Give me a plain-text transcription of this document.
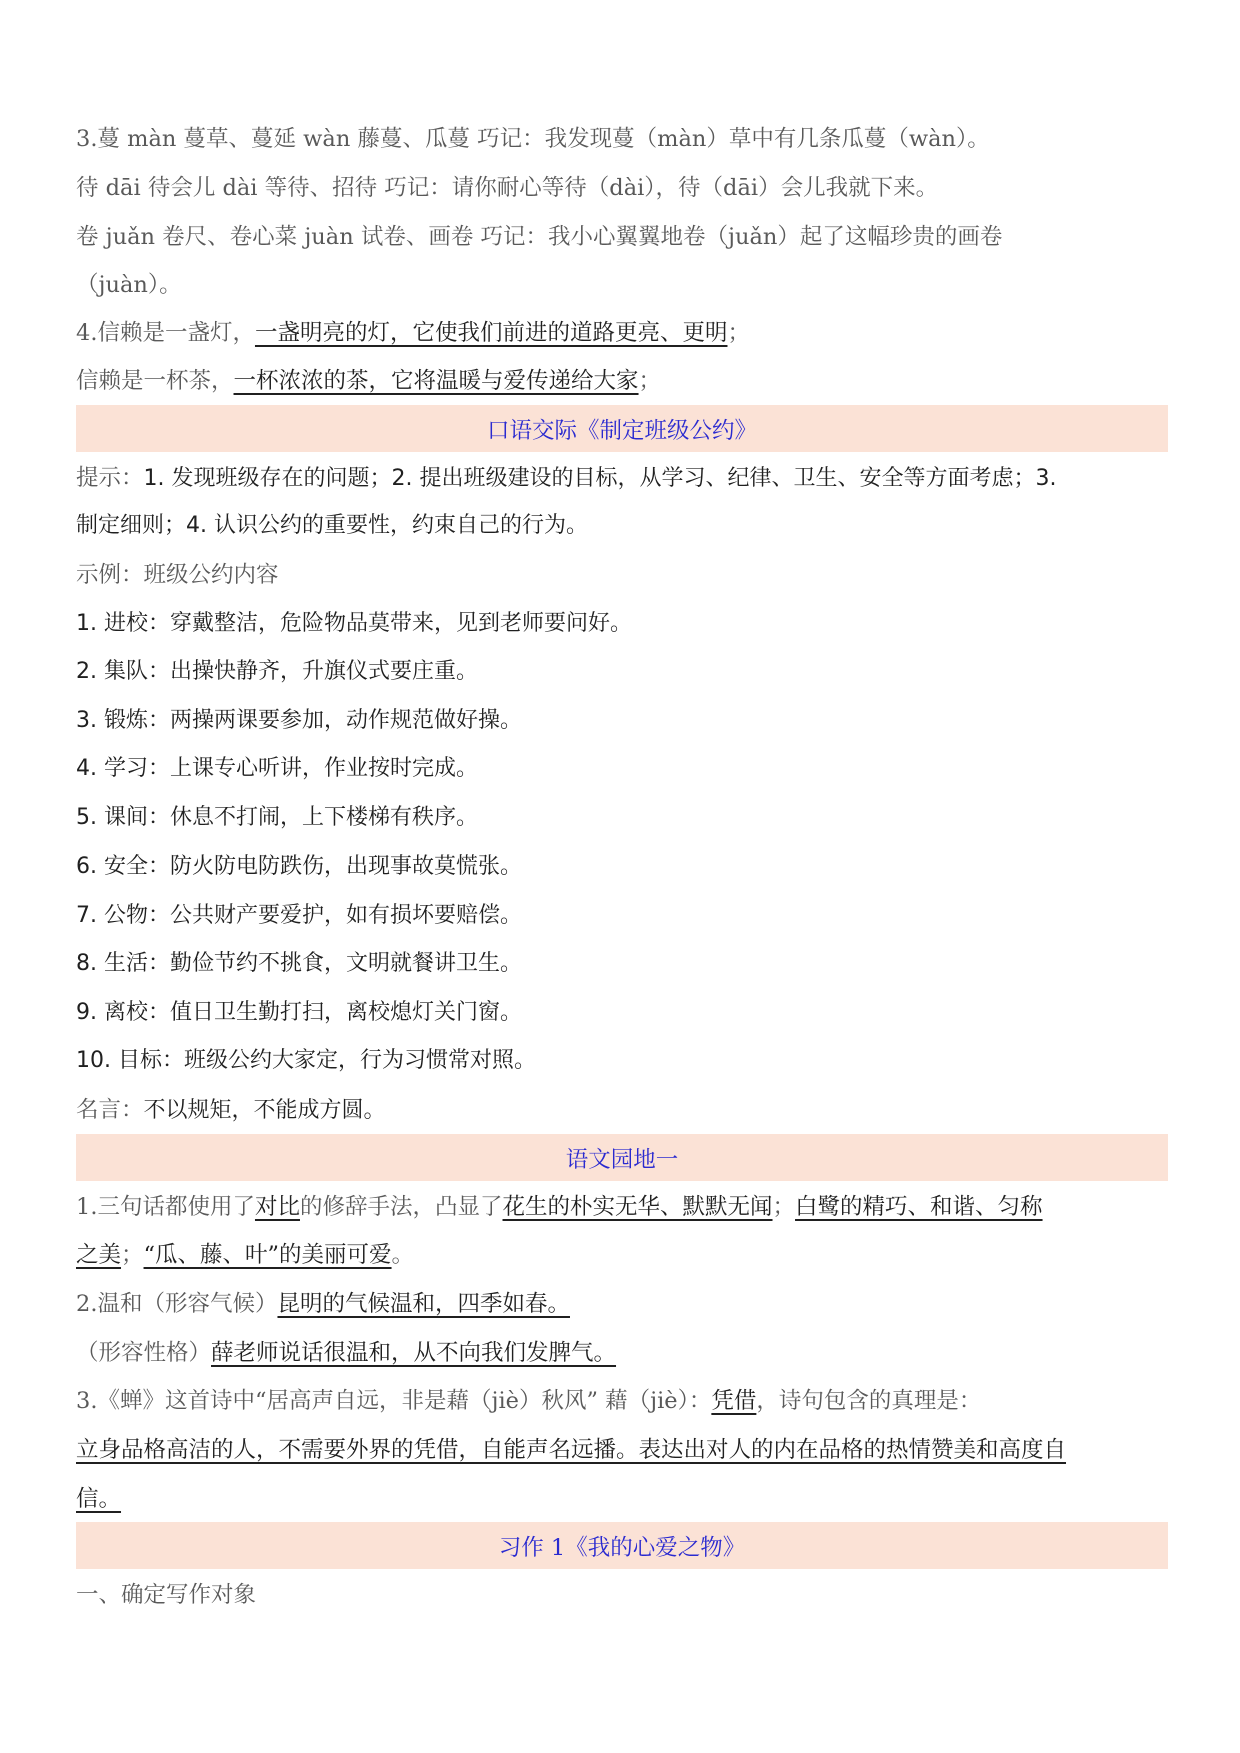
3.蔓 màn 蔓草、蔓延 wàn 藤蔓、瓜蔓 巧记：我发现蔓（màn）草中有几条瓜蔓（wàn）。

待 dāi 待会儿 dài 等待、招待 巧记：请你耐心等待（dài），待（dāi）会儿我就下来。

卷 juǎn 卷尺、卷心菜 juàn 试卷、画卷 巧记：我小心翼翼地卷（juǎn）起了这幅珍贵的画卷

（juàn）。

4.信赖是一盏灯，一盏明亮的灯，它使我们前进的道路更亮、更明；

信赖是一杯茶，一杯浓浓的茶，它将温暖与爱传递给大家；

口语交际《制定班级公约》

提示：1. 发现班级存在的问题；2. 提出班级建设的目标，从学习、纪律、卫生、安全等方面考虑；3.

制定细则；4. 认识公约的重要性，约束自己的行为。

示例：班级公约内容

1. 进校：穿戴整洁，危险物品莫带来，见到老师要问好。

2. 集队：出操快静齐，升旗仪式要庄重。

3. 锻炼：两操两课要参加，动作规范做好操。

4. 学习：上课专心听讲，作业按时完成。

5. 课间：休息不打闹，上下楼梯有秩序。

6. 安全：防火防电防跌伤，出现事故莫慌张。

7. 公物：公共财产要爱护，如有损坏要赔偿。

8. 生活：勤俭节约不挑食，文明就餐讲卫生。

9. 离校：值日卫生勤打扫，离校熄灯关门窗。

10. 目标：班级公约大家定，行为习惯常对照。

名言：不以规矩，不能成方圆。

语文园地一

1.三句话都使用了对比的修辞手法，凸显了花生的朴实无华、默默无闻；白鹭的精巧、和谐、匀称

之美；“瓜、藤、叶”的美丽可爱。

2.温和（形容气候）昆明的气候温和，四季如春。

（形容性格）薛老师说话很温和，从不向我们发脾气。

3.《蝉》这首诗中“居高声自远，非是藉（jiè）秋风” 藉（jiè）：凭借，诗句包含的真理是：

立身品格高洁的人，不需要外界的凭借，自能声名远播。表达出对人的内在品格的热情赞美和高度自

信。

习作 1《我的心爱之物》

一、确定写作对象
